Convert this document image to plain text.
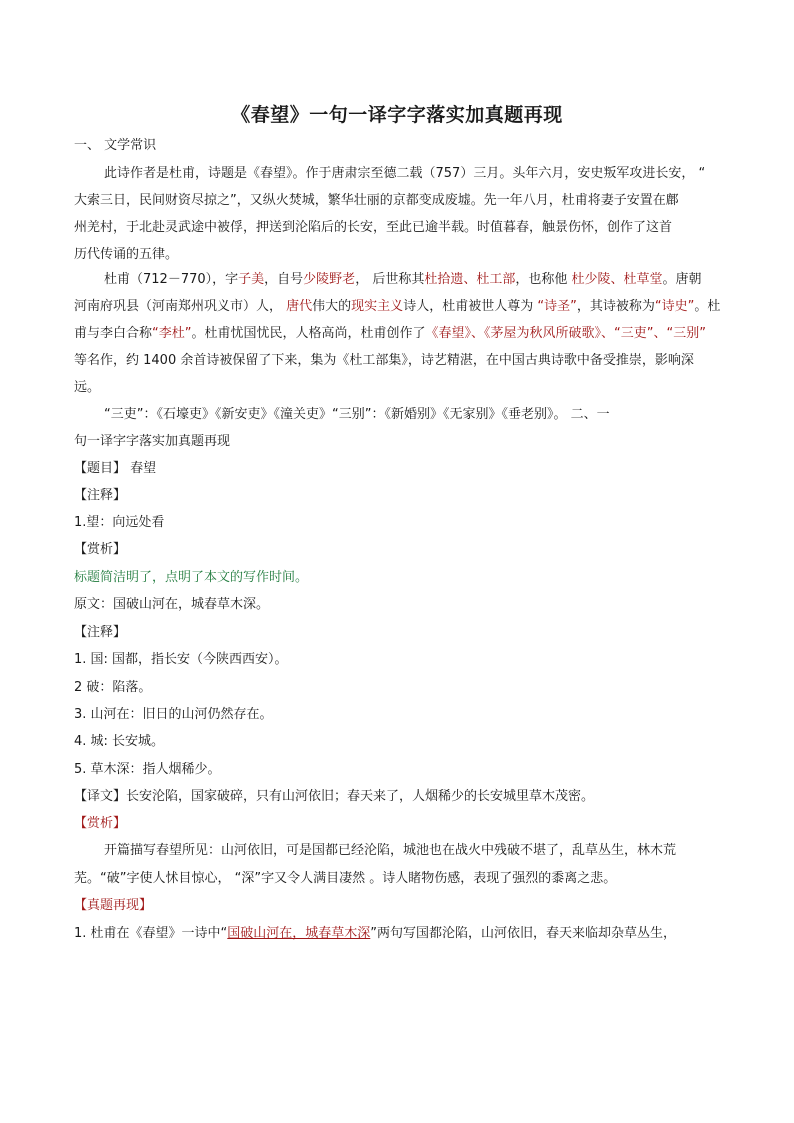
《春望》一句一译字字落实加真题再现
一、 文学常识
此诗作者是杜甫，诗题是《春望》。作于唐肃宗至德二载（757）三月。头年六月，安史叛军攻进长安， “
大索三日，民间财资尽掠之”，又纵火焚城，繁华壮丽的京都变成废墟。先一年八月，杜甫将妻子安置在鄜
州羌村，于北赴灵武途中被俘，押送到沦陷后的长安，至此已逾半载。时值暮春，触景伤怀，创作了这首
历代传诵的五律。
杜甫（712－770），字子美，自号少陵野老， 后世称其杜拾遗、杜工部，也称他 杜少陵、杜草堂。唐朝
河南府巩县（河南郑州巩义市）人， 唐代伟大的现实主义诗人，杜甫被世人尊为 “诗圣”，其诗被称为“诗史”。杜
甫与李白合称“李杜”。杜甫忧国忧民，人格高尚，杜甫创作了《春望》、《茅屋为秋风所破歌》、“三吏”、“三别”
等名作，约 1400 余首诗被保留了下来，集为《杜工部集》，诗艺精湛，在中国古典诗歌中备受推崇，影响深
远。
“三吏”：《石壕吏》《新安吏》《潼关吏》“三别”：《新婚别》《无家别》《垂老别》。 二、一
句一译字字落实加真题再现
【题目】 春望
【注释】
1.望：向远处看
【赏析】
标题简洁明了，点明了本文的写作时间。
原文：国破山河在，城春草木深。
【注释】
1. 国: 国都，指长安（今陕西西安）。
2 破：陷落。
3. 山河在：旧日的山河仍然存在。
4. 城: 长安城。
5. 草木深：指人烟稀少。
【译文】长安沦陷，国家破碎，只有山河依旧；春天来了，人烟稀少的长安城里草木茂密。
【赏析】
开篇描写春望所见：山河依旧，可是国都已经沦陷，城池也在战火中残破不堪了，乱草丛生，林木荒
芜。“破”字使人怵目惊心， “深”字又令人满目凄然 。诗人睹物伤感，表现了强烈的黍离之悲。
【真题再现】
1. 杜甫在《春望》一诗中“国破山河在，城春草木深”两句写国都沦陷，山河依旧，春天来临却杂草丛生，
